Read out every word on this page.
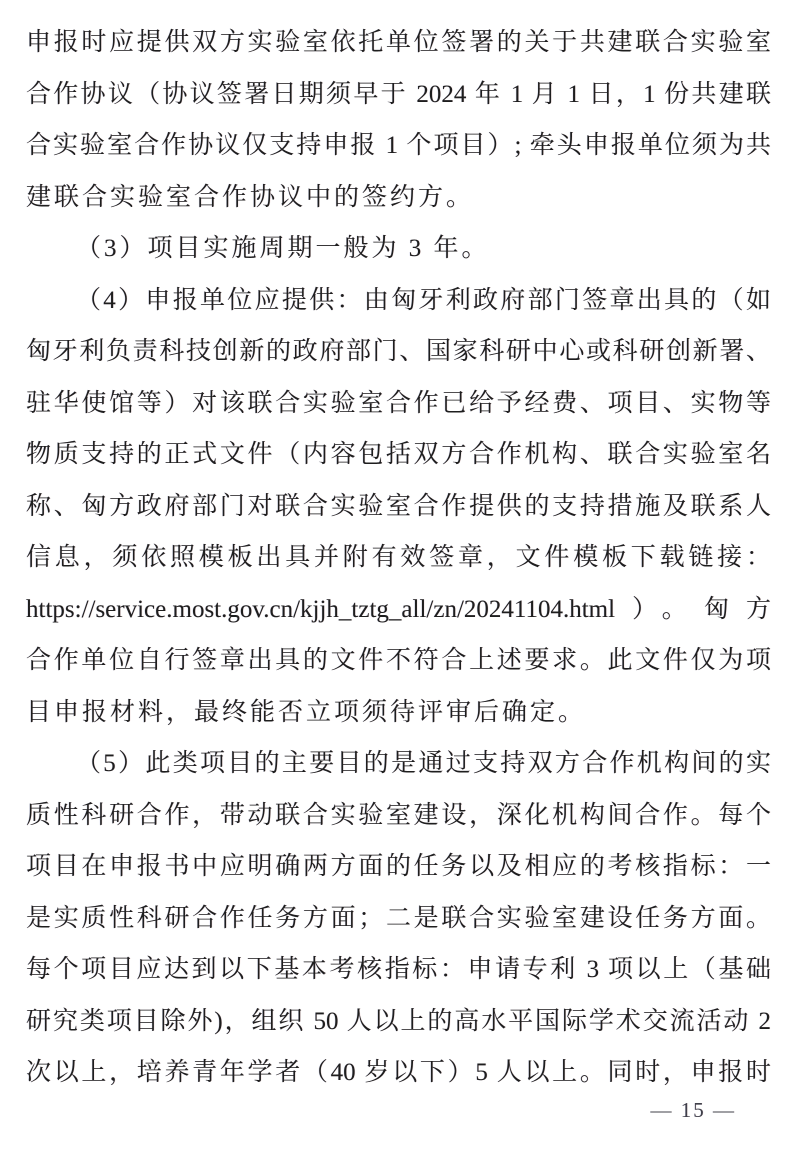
申报时应提供双方实验室依托单位签署的关于共建联合实验室
合作协议（协议签署日期须早于 2024 年 1 月 1 日，1 份共建联
合实验室合作协议仅支持申报 1 个项目）; 牵头申报单位须为共
建联合实验室合作协议中的签约方。
（3）项目实施周期一般为 3 年。
（4）申报单位应提供：由匈牙利政府部门签章出具的（如
匈牙利负责科技创新的政府部门、国家科研中心或科研创新署、
驻华使馆等）对该联合实验室合作已给予经费、项目、实物等
物质支持的正式文件（内容包括双方合作机构、联合实验室名
称、匈方政府部门对联合实验室合作提供的支持措施及联系人
信息，须依照模板出具并附有效签章，文件模板下载链接：
https://service.most.gov.cn/kjjh_tztg_all/zn/20241104.html）。匈方
合作单位自行签章出具的文件不符合上述要求。此文件仅为项
目申报材料，最终能否立项须待评审后确定。
（5）此类项目的主要目的是通过支持双方合作机构间的实
质性科研合作，带动联合实验室建设，深化机构间合作。每个
项目在申报书中应明确两方面的任务以及相应的考核指标：一
是实质性科研合作任务方面；二是联合实验室建设任务方面。
每个项目应达到以下基本考核指标：申请专利 3 项以上（基础
研究类项目除外)，组织 50 人以上的高水平国际学术交流活动 2
次以上，培养青年学者（40 岁以下）5 人以上。同时，申报时
— 15 —
